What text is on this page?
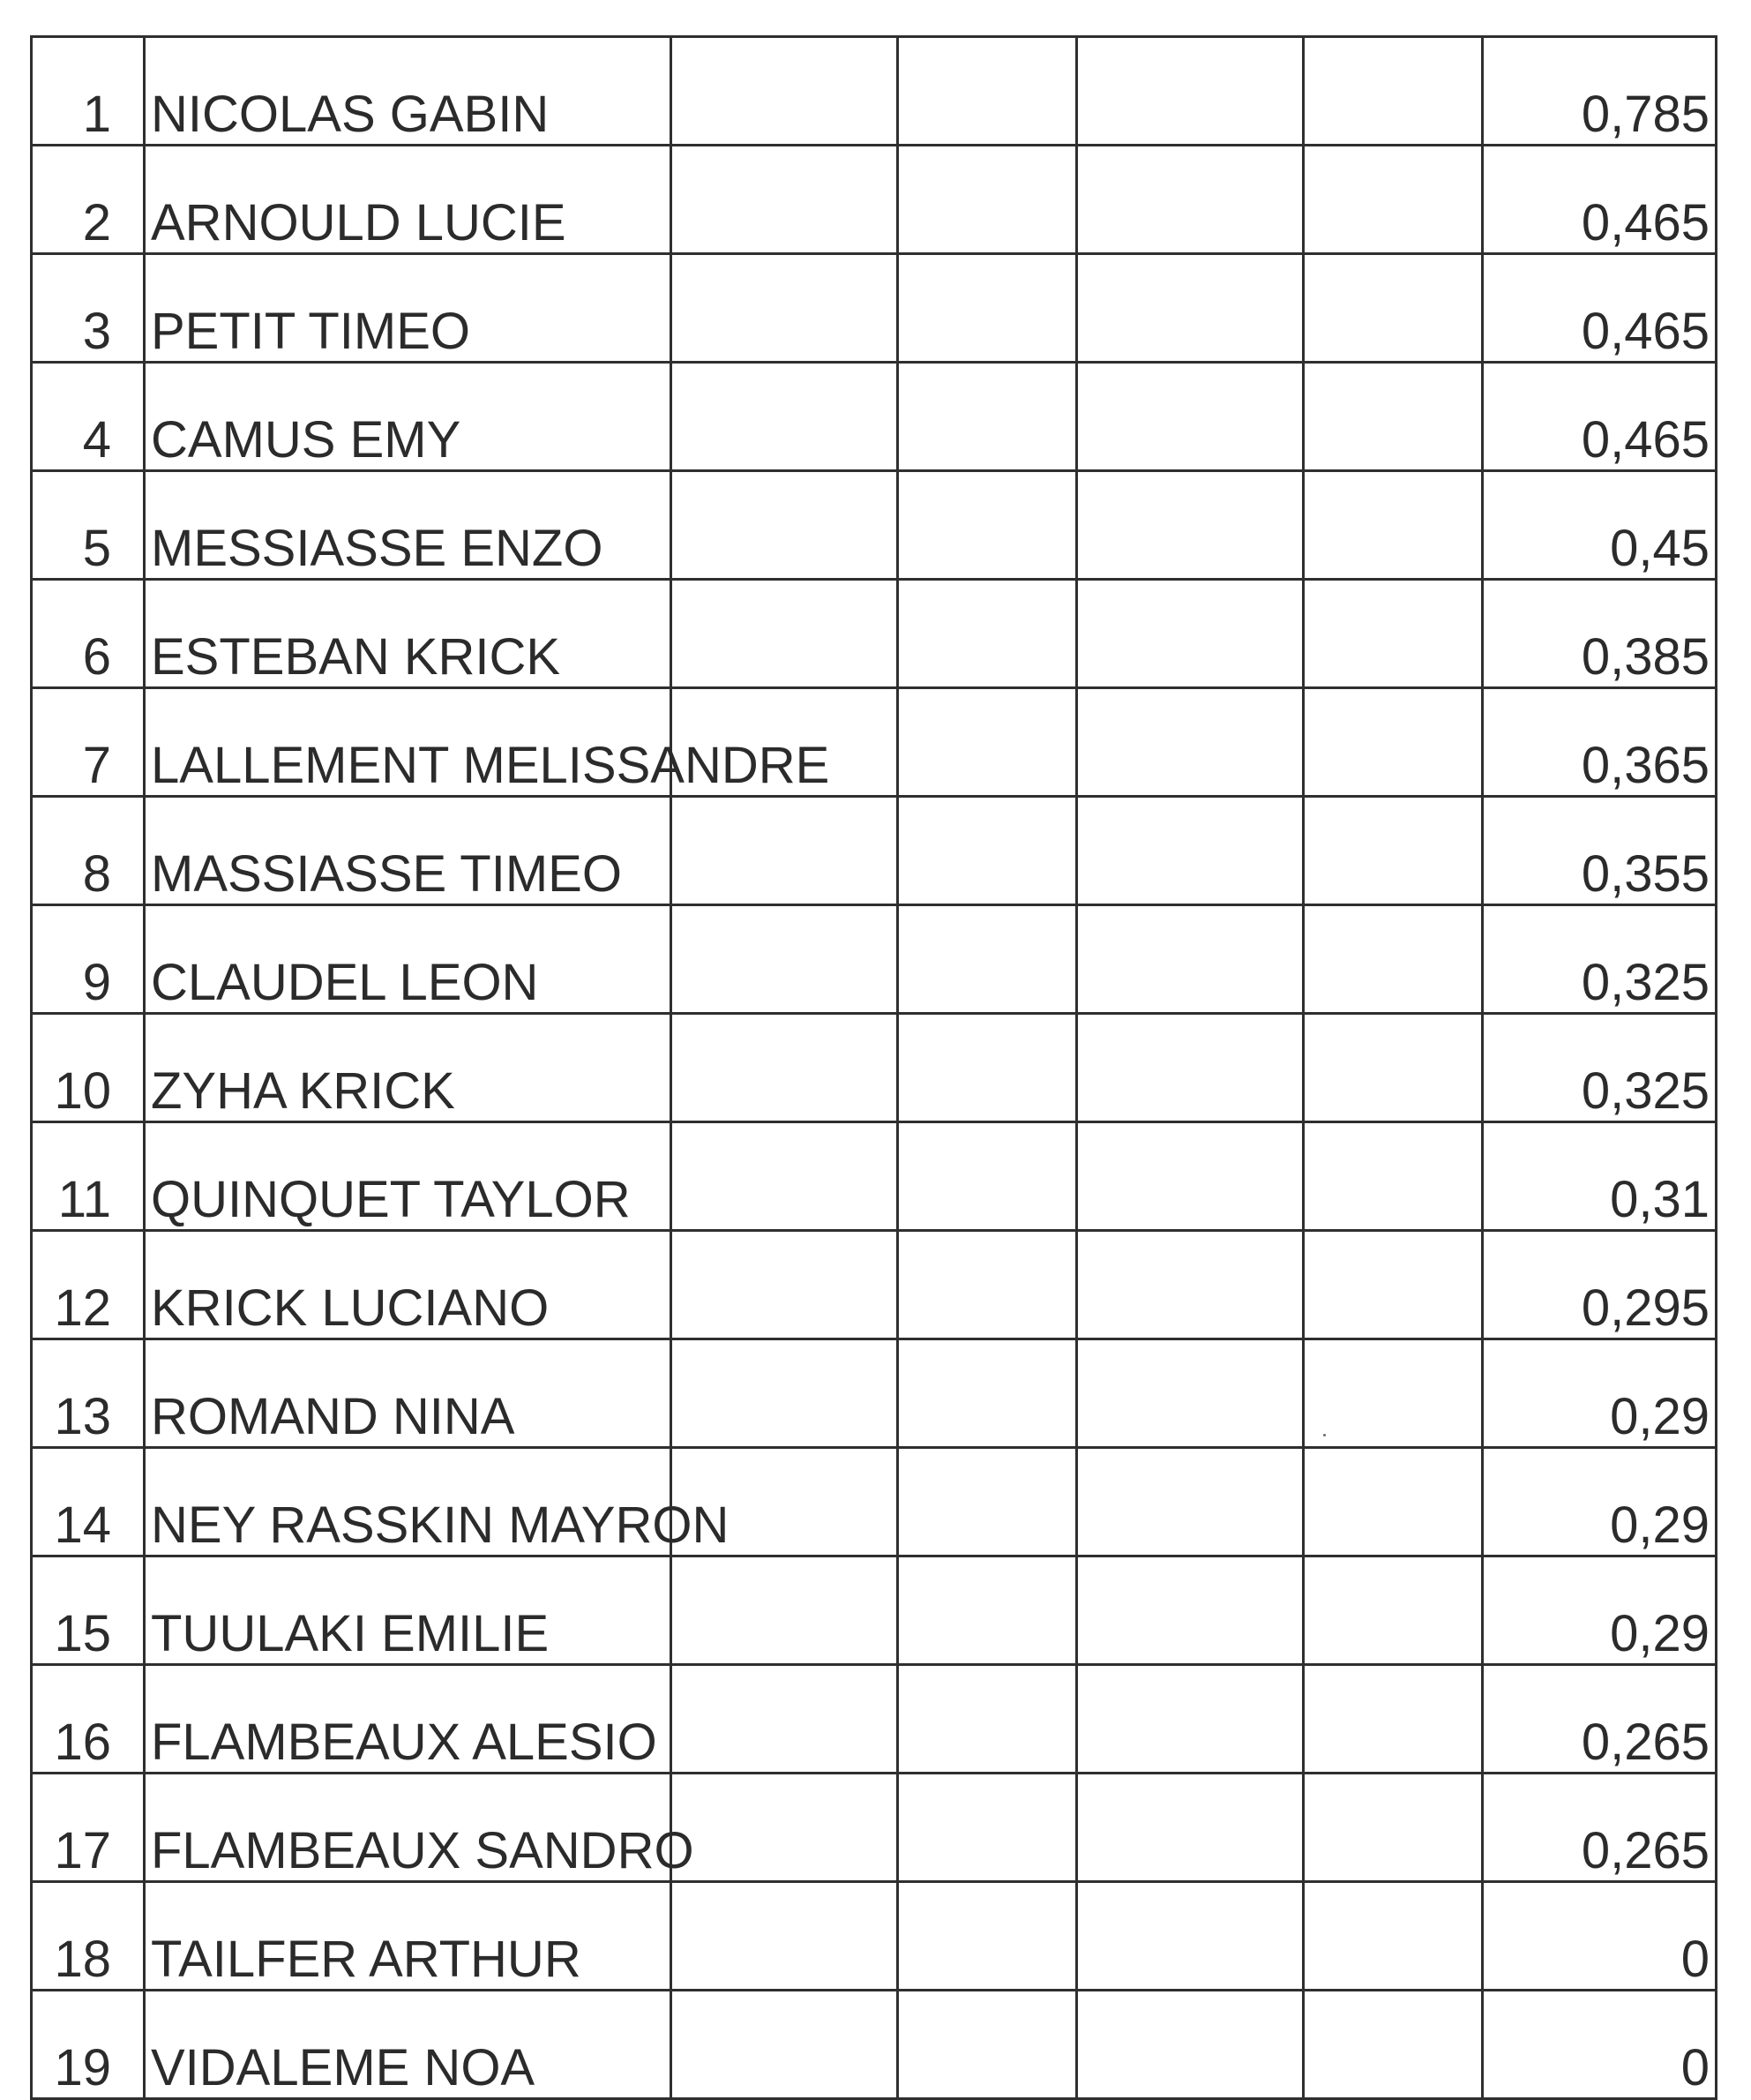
1	NICOLAS GABIN					0,785

2	ARNOULD LUCIE					0,465

3	PETIT TIMEO					0,465

4	CAMUS EMY					0,465

5	MESSIASSE ENZO					0,45

6	ESTEBAN KRICK					0,385

7	LALLEMENT MELISSANDRE					0,365

8	MASSIASSE TIMEO					0,355

9	CLAUDEL LEON					0,325

10	ZYHA KRICK					0,325

11	QUINQUET TAYLOR					0,31

12	KRICK LUCIANO					0,295

13	ROMAND NINA					0,29

14	NEY RASSKIN MAYRON					0,29

15	TUULAKI EMILIE					0,29

16	FLAMBEAUX ALESIO					0,265

17	FLAMBEAUX SANDRO					0,265

18	TAILFER ARTHUR					0

19	VIDALEME NOA					0
